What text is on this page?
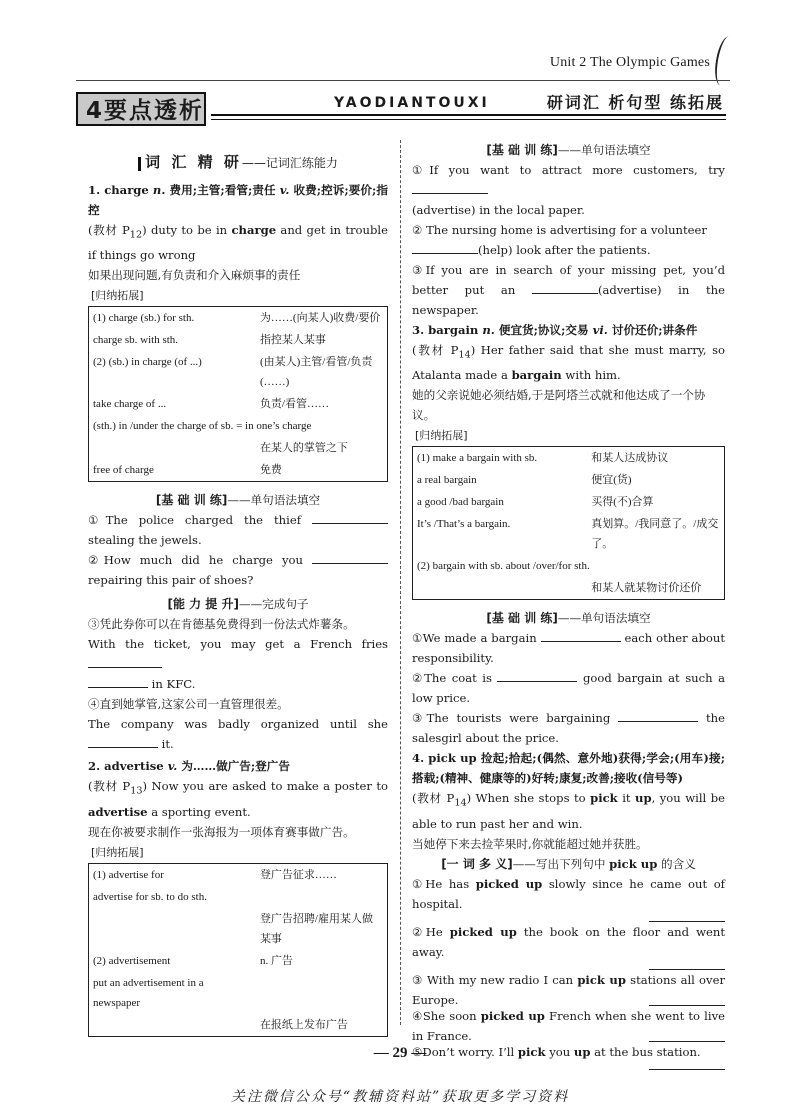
Unit 2 The Olympic Games
4要点透析	YAODIANTOUXI	研词汇 析句型 练拓展
词 汇 精 研——记词汇练能力
1. charge n. 费用;主管;看管;责任 v. 收费;控诉;要价;指控
(教材 $P_{12}$) duty to be in charge and get in trouble if things go wrong
如果出现问题,有负责和介入麻烦事的责任
[归纳拓展]
(1) charge (sb.) for sth.	为……(向某人)收费/要价
charge sb. with sth.	指控某人某事
(2) (sb.) in charge (of ...)	(由某人)主管/看管/负责(……)
take charge of ...	负责/看管……
(sth.) in /under the charge of sb. = in one’s charge	
	在某人的掌管之下
free of charge	免费
[基 础 训 练]——单句语法填空
①The police charged the thief  stealing the jewels.
②How much did he charge you  repairing this pair of shoes?
[能 力 提 升]——完成句子
③凭此券你可以在肯德基免费得到一份法式炸薯条。
With the ticket, you may get a French fries
in KFC.
④直到她掌管,这家公司一直管理很差。
The company was badly organized until she  it.
2. advertise v. 为……做广告;登广告
(教材 $P_{13}$) Now you are asked to make a poster to advertise a sporting event.
现在你被要求制作一张海报为一项体育赛事做广告。
[归纳拓展]
(1) advertise for	登广告征求……
advertise for sb. to do sth.	
	登广告招聘/雇用某人做某事
(2) advertisement	n. 广告
put an advertisement in a newspaper	
	在报纸上发布广告
[基 础 训 练]——单句语法填空
①If you want to attract more customers, try
(advertise) in the local paper.
② The nursing home is advertising for a volunteer
(help) look after the patients.
③If you are in search of your missing pet, you’d better put an	(advertise) in the newspaper.
3. bargain n. 便宜货;协议;交易 vi. 讨价还价;讲条件
(教材 $P_{14}$) Her father said that she must marry, so Atalanta made a bargain with him.
她的父亲说她必须结婚,于是阿塔兰忒就和他达成了一个协议。
[归纳拓展]
(1) make a bargain with sb.	和某人达成协议
a real bargain	便宜(货)
a good /bad bargain	买得(不)合算
It’s /That’s a bargain.	真划算。/我同意了。/成交了。
(2) bargain with sb. about /over/for sth.	
	和某人就某物讨价还价
[基 础 训 练]——单句语法填空
①We made a bargain	each other about responsibility.
②The coat is	good bargain at such a low price.
③The tourists were bargaining	the salesgirl about the price.
4. pick up 捡起;拾起;(偶然、意外地)获得;学会;(用车)接;搭载;(精神、健康等的)好转;康复;改善;接收(信号等)
(教材 $P_{14}$) When she stops to pick it up, you will be able to run past her and win.
当她停下来去捡苹果时,你就能超过她并获胜。
[一 词 多 义]——写出下列句中 pick up 的含义
①He has picked up slowly since he came out of hospital.
②He picked up the book on the floor and went away.
③ With my new radio I can pick up stations all over Europe.
④She soon picked up French when she went to live in France.
⑤Don’t worry. I’ll pick you up at the bus station.
— 29 —
关注微信公众号“教辅资料站”获取更多学习资料
